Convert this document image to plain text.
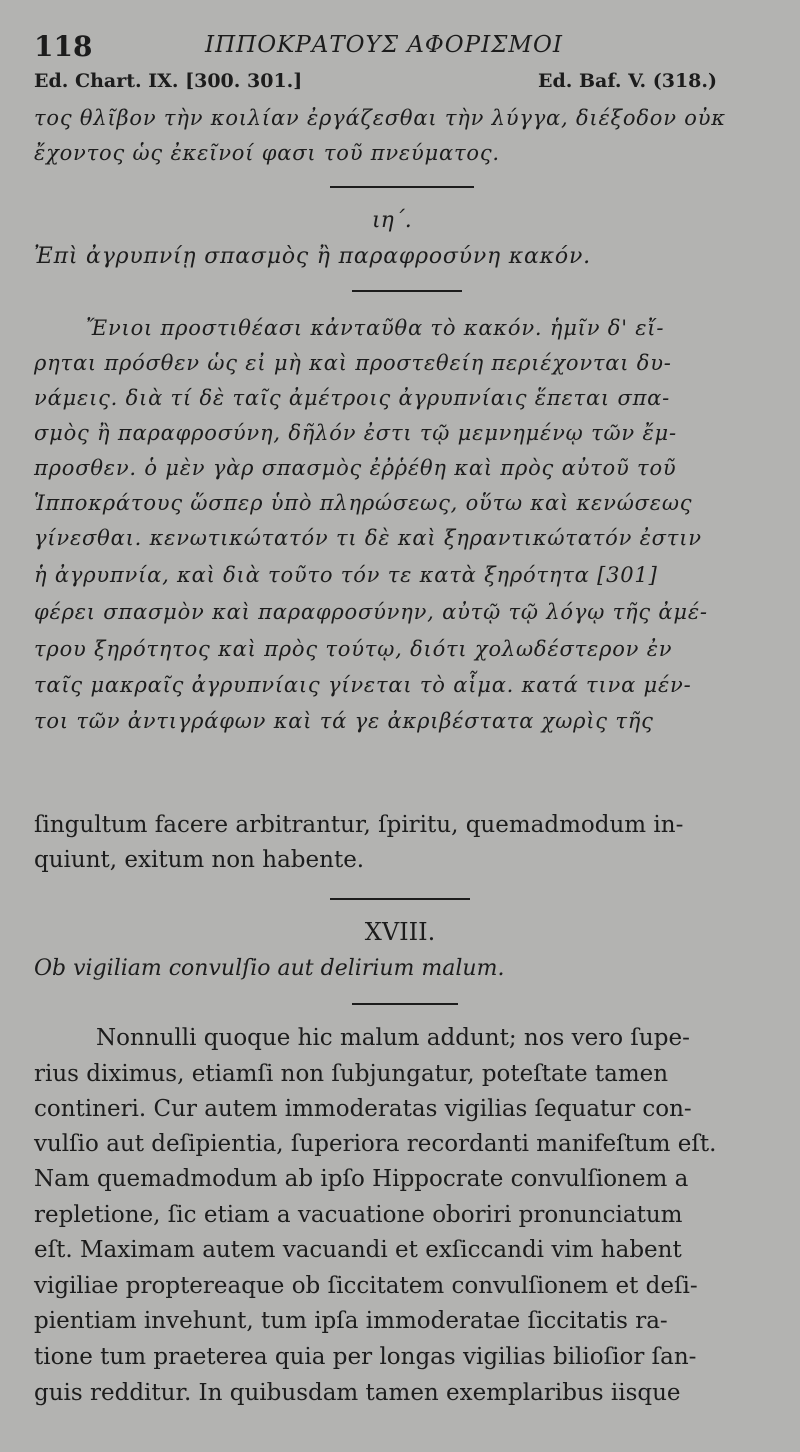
118	ΙΠΠΟΚΡΑΤΟΥΣ ΑΦΟΡΙΣΜΟΙ
Ed. Chart. IX. [300. 301.]	Ed. Baf. V. (318.)
τος θλῖβον τὴν κοιλίαν ἐργάζεσθαι τὴν λύγγα, διέξοδον οὐκ
ἔχοντος ὡς ἐκεῖνοί φασι τοῦ πνεύματος.
ιη΄.
Ἐπὶ ἀγρυπνίῃ σπασμὸς ἢ παραφροσύνη κακόν.
Ἔνιοι προστιθέασι κἀνταῦθα τὸ κακόν. ἡμῖν δ' εἴ-
ρηται πρόσθεν ὡς εἰ μὴ καὶ προστεθείη περιέχονται δυ-
νάμεις. διὰ τί δὲ ταῖς ἀμέτροις ἀγρυπνίαις ἕπεται σπα-
σμὸς ἢ παραφροσύνη, δῆλόν ἐστι τῷ μεμνημένῳ τῶν ἔμ-
προσθεν. ὁ μὲν γὰρ σπασμὸς ἐῤῥέθη καὶ πρὸς αὐτοῦ τοῦ
Ἱπποκράτους ὥσπερ ὑπὸ πληρώσεως, οὕτω καὶ κενώσεως
γίνεσθαι. κενωτικώτατόν τι δὲ καὶ ξηραντικώτατόν ἐστιν
ἡ ἀγρυπνία, καὶ διὰ τοῦτο τόν τε κατὰ ξηρότητα [301]
φέρει σπασμὸν καὶ παραφροσύνην, αὐτῷ τῷ λόγῳ τῆς ἀμέ-
τρου ξηρότητος καὶ πρὸς τούτῳ, διότι χολωδέστερον ἐν
ταῖς μακραῖς ἀγρυπνίαις γίνεται τὸ αἷμα. κατά τινα μέν-
τοι τῶν ἀντιγράφων καὶ τά γε ἀκριβέστατα χωρὶς τῆς
ſingultum facere arbitrantur, ſpiritu, quemadmodum in-
quiunt, exitum non habente.
XVIII.
Ob vigiliam convulſio aut delirium malum.
Nonnulli quoque hic malum addunt; nos vero ſupe-
rius diximus, etiamſi non ſubjungatur, poteſtate tamen
contineri. Cur autem immoderatas vigilias ſequatur con-
vulſio aut deſipientia, ſuperiora recordanti manifeſtum eſt.
Nam quemadmodum ab ipſo Hippocrate convulſionem a
repletione, ſic etiam a vacuatione oboriri pronunciatum
eſt. Maximam autem vacuandi et exſiccandi vim habent
vigiliae proptereaque ob ſiccitatem convulſionem et deſi-
pientiam invehunt, tum ipſa immoderatae ſiccitatis ra-
tione tum praeterea quia per longas vigilias bilioſior ſan-
guis redditur. In quibusdam tamen exemplaribus iisque
